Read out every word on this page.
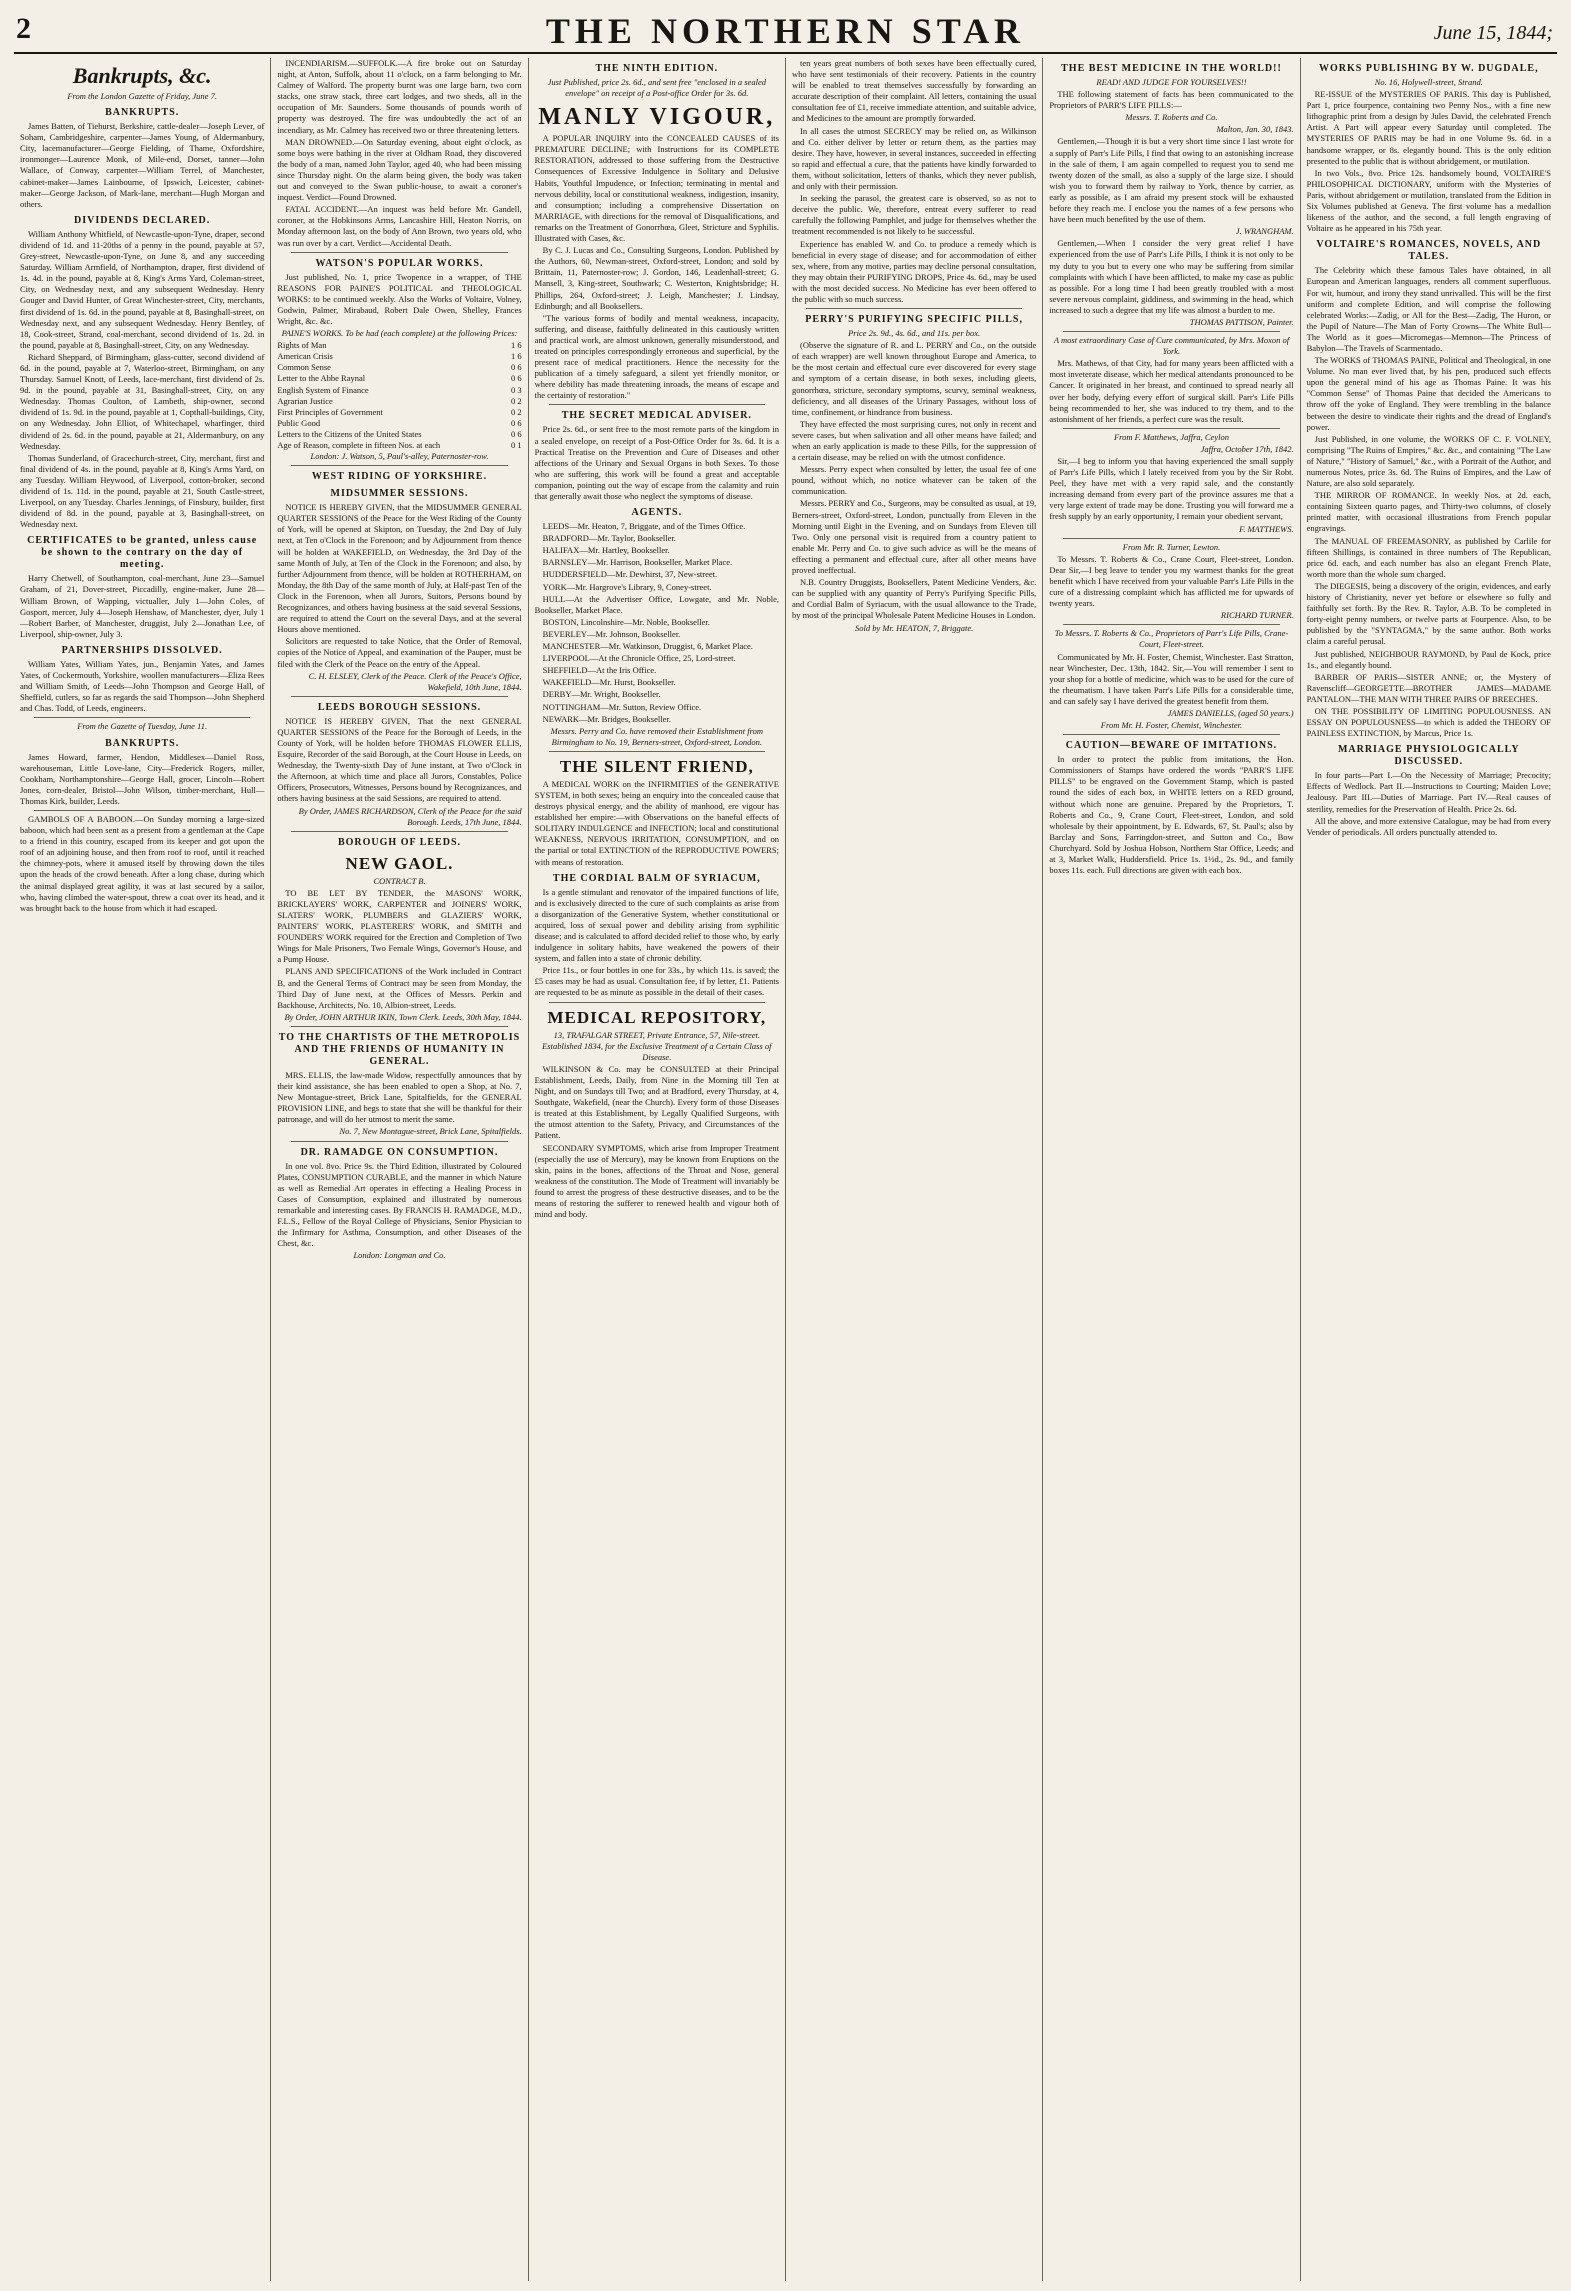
2	THE NORTHERN STAR	June 15, 1844;
Bankrupts, &c.

From the London Gazette of Friday, June 7.

BANKRUPTS.

James Batten, of Tiehurst, Berkshire, cattle-dealer—Joseph Lever, of Soham, Cambridgeshire, carpenter—James Young, of Aldermanbury, City, lacemanufacturer—George Fielding, of Thame, Oxfordshire, ironmonger—Laurence Monk, of Mile-end, Dorset, tanner—John Wallace, of Conway, carpenter—William Terrel, of Manchester, cabinet-maker—James Lainbourne, of Ipswich, Leicester, cabinet-maker—George Jackson, of Mark-lane, merchant—Hugh Morgan and others.

DIVIDENDS DECLARED.

William Anthony Whitfield, of Newcastle-upon-Tyne, draper, second dividend of 1d. and 11-20ths of a penny in the pound, payable at 57, Grey-street, Newcastle-upon-Tyne, on June 8, and any succeeding Saturday. William Armfield, of Northampton, draper, first dividend of 1s. 4d. in the pound, payable at 8, King's Arms Yard, Coleman-street, City, on Wednesday next, and any subsequent Wednesday. Henry Gouger and David Hunter, of Great Winchester-street, City, merchants, first dividend of 1s. 6d. in the pound, payable at 8, Basinghall-street, on Wednesday next, and any subsequent Wednesday. Henry Bentley, of 18, Cook-street, Strand, coal-merchant, second dividend of 1s. 2d. in the pound, payable at 8, Basinghall-street, City, on any Wednesday.

Richard Sheppard, of Birmingham, glass-cutter, second dividend of 6d. in the pound, payable at 7, Waterloo-street, Birmingham, on any Thursday. Samuel Knott, of Leeds, lace-merchant, first dividend of 2s. 9d. in the pound, payable at 31, Basinghall-street, City, on any Wednesday. Thomas Coulton, of Lambeth, ship-owner, second dividend of 1s. 9d. in the pound, payable at 1, Copthall-buildings, City, on any Wednesday. John Elliot, of Whitechapel, wharfinger, third dividend of 2s. 6d. in the pound, payable at 21, Aldermanbury, on any Wednesday.

Thomas Sunderland, of Gracechurch-street, City, merchant, first and final dividend of 4s. in the pound, payable at 8, King's Arms Yard, on any Tuesday. William Heywood, of Liverpool, cotton-broker, second dividend of 1s. 11d. in the pound, payable at 21, South Castle-street, Liverpool, on any Tuesday. Charles Jennings, of Finsbury, builder, first dividend of 8d. in the pound, payable at 3, Basinghall-street, on Wednesday next.

CERTIFICATES to be granted, unless cause be shown to the contrary on the day of meeting.

Harry Chetwell, of Southampton, coal-merchant, June 23—Samuel Graham, of 21, Dover-street, Piccadilly, engine-maker, June 28—William Brown, of Wapping, victualler, July 1—John Coles, of Gosport, mercer, July 4—Joseph Henshaw, of Manchester, dyer, July 1—Robert Barber, of Manchester, druggist, July 2—Jonathan Lee, of Liverpool, ship-owner, July 3.

PARTNERSHIPS DISSOLVED.

William Yates, William Yates, jun., Benjamin Yates, and James Yates, of Cockermouth, Yorkshire, woollen manufacturers—Eliza Rees and William Smith, of Leeds—John Thompson and George Hall, of Sheffield, cutlers, so far as regards the said Thompson—John Shepherd and Chas. Todd, of Leeds, engineers.

From the Gazette of Tuesday, June 11.

BANKRUPTS.

James Howard, farmer, Hendon, Middlesex—Daniel Ross, warehouseman, Little Love-lane, City—Frederick Rogers, miller, Cookham, Northamptonshire—George Hall, grocer, Lincoln—Robert Jones, corn-dealer, Bristol—John Wilson, timber-merchant, Hull—Thomas Kirk, builder, Leeds.

GAMBOLS OF A BABOON.—On Sunday morning a large-sized baboon, which had been sent as a present from a gentleman at the Cape to a friend in this country, escaped from its keeper and got upon the roof of an adjoining house, and then from roof to roof, until it reached the chimney-pots, where it amused itself by throwing down the tiles upon the heads of the crowd beneath. After a long chase, during which the animal displayed great agility, it was at last secured by a sailor, who, having climbed the water-spout, threw a coat over its head, and it was brought back to the house from which it had escaped.

INCENDIARISM.—SUFFOLK.—A fire broke out on Saturday night, at Anton, Suffolk, about 11 o'clock, on a farm belonging to Mr. Calmey of Walford. The property burnt was one large barn, two corn stacks, one straw stack, three cart lodges, and two sheds, all in the occupation of Mr. Saunders. Some thousands of pounds worth of property was destroyed. The fire was undoubtedly the act of an incendiary, as Mr. Calmey has received two or three threatening letters.

MAN DROWNED.—On Saturday evening, about eight o'clock, as some boys were bathing in the river at Oldham Road, they discovered the body of a man, named John Taylor, aged 40, who had been missing since Thursday night. On the alarm being given, the body was taken out and conveyed to the Swan public-house, to await a coroner's inquest. Verdict—Found Drowned.

FATAL ACCIDENT.—An inquest was held before Mr. Gandell, coroner, at the Hobkinsons Arms, Lancashire Hill, Heaton Norris, on Monday afternoon last, on the body of Ann Brown, two years old, who was run over by a cart. Verdict—Accidental Death.

WATSON'S POPULAR WORKS.

Just published, No. 1, price Twopence in a wrapper, of THE REASONS FOR PAINE'S POLITICAL and THEOLOGICAL WORKS: to be continued weekly. Also the Works of Voltaire, Volney, Godwin, Palmer, Mirabaud, Robert Dale Owen, Shelley, Frances Wright, &c. &c.

PAINE'S WORKS. To be had (each complete) at the following Prices:

Rights of Man	1 6
American Crisis	1 6
Common Sense	0 6
Letter to the Abbe Raynal	0 6
English System of Finance	0 3
Agrarian Justice	0 2
First Principles of Government	0 2
Public Good	0 6
Letters to the Citizens of the United States	0 6
Age of Reason, complete in fifteen Nos. at each	0 1

London: J. Watson, 5, Paul's-alley, Paternoster-row.

WEST RIDING OF YORKSHIRE.
MIDSUMMER SESSIONS.

NOTICE IS HEREBY GIVEN, that the MIDSUMMER GENERAL QUARTER SESSIONS of the Peace for the West Riding of the County of York, will be opened at Skipton, on Tuesday, the 2nd Day of July next, at Ten o'Clock in the Forenoon; and by Adjournment from thence will be holden at WAKEFIELD, on Wednesday, the 3rd Day of the same Month of July, at Ten of the Clock in the Forenoon; and also, by further Adjournment from thence, will be holden at ROTHERHAM, on Monday, the 8th Day of the same month of July, at Half-past Ten of the Clock in the Forenoon, when all Jurors, Suitors, Persons bound by Recognizances, and others having business at the said several Sessions, are required to attend the Court on the several Days, and at the several Hours above mentioned.

Solicitors are requested to take Notice, that the Order of Removal, copies of the Notice of Appeal, and examination of the Pauper, must be filed with the Clerk of the Peace on the entry of the Appeal.

C. H. ELSLEY, Clerk of the Peace. Clerk of the Peace's Office, Wakefield, 10th June, 1844.

LEEDS BOROUGH SESSIONS.

NOTICE IS HEREBY GIVEN, That the next GENERAL QUARTER SESSIONS of the Peace for the Borough of Leeds, in the County of York, will be holden before THOMAS FLOWER ELLIS, Esquire, Recorder of the said Borough, at the Court House in Leeds, on Wednesday, the Twenty-sixth Day of June instant, at Two o'Clock in the Afternoon, at which time and place all Jurors, Constables, Police Officers, Prosecutors, Witnesses, Persons bound by Recognizances, and others having business at the said Sessions, are required to attend.

By Order, JAMES RICHARDSON, Clerk of the Peace for the said Borough. Leeds, 17th June, 1844.

BOROUGH OF LEEDS.
NEW GAOL.

CONTRACT B.

TO BE LET BY TENDER, the MASONS' WORK, BRICKLAYERS' WORK, CARPENTER and JOINERS' WORK, SLATERS' WORK, PLUMBERS and GLAZIERS' WORK, PAINTERS' WORK, PLASTERERS' WORK, and SMITH and FOUNDERS' WORK required for the Erection and Completion of Two Wings for Male Prisoners, Two Female Wings, Governor's House, and a Pump House.

PLANS AND SPECIFICATIONS of the Work included in Contract B, and the General Terms of Contract may be seen from Monday, the Third Day of June next, at the Offices of Messrs. Perkin and Backhouse, Architects, No. 10, Albion-street, Leeds.

By Order, JOHN ARTHUR IKIN, Town Clerk. Leeds, 30th May, 1844.

TO THE CHARTISTS OF THE METROPOLIS AND THE FRIENDS OF HUMANITY IN GENERAL.

MRS. ELLIS, the law-made Widow, respectfully announces that by their kind assistance, she has been enabled to open a Shop, at No. 7, New Montague-street, Brick Lane, Spitalfields, for the GENERAL PROVISION LINE, and begs to state that she will be thankful for their patronage, and will do her utmost to merit the same.

No. 7, New Montague-street, Brick Lane, Spitalfields.

DR. RAMADGE ON CONSUMPTION.

In one vol. 8vo. Price 9s. the Third Edition, illustrated by Coloured Plates, CONSUMPTION CURABLE, and the manner in which Nature as well as Remedial Art operates in effecting a Healing Process in Cases of Consumption, explained and illustrated by numerous remarkable and interesting cases. By FRANCIS H. RAMADGE, M.D., F.L.S., Fellow of the Royal College of Physicians, Senior Physician to the Infirmary for Asthma, Consumption, and other Diseases of the Chest, &c.

London: Longman and Co.

THE NINTH EDITION.

Just Published, price 2s. 6d., and sent free "enclosed in a sealed envelope" on receipt of a Post-office Order for 3s. 6d.

MANLY VIGOUR,

A POPULAR INQUIRY into the CONCEALED CAUSES of its PREMATURE DECLINE; with Instructions for its COMPLETE RESTORATION, addressed to those suffering from the Destructive Consequences of Excessive Indulgence in Solitary and Delusive Habits, Youthful Impudence, or Infection; terminating in mental and nervous debility, local or constitutional weakness, indigestion, insanity, and consumption; including a comprehensive Dissertation on MARRIAGE, with directions for the removal of Disqualifications, and remarks on the Treatment of Gonorrhœa, Gleet, Stricture and Syphilis. Illustrated with Cases, &c.

By C. J. Lucas and Co., Consulting Surgeons, London. Published by the Authors, 60, Newman-street, Oxford-street, London; and sold by Brittain, 11, Paternoster-row; J. Gordon, 146, Leadenhall-street; G. Mansell, 3, King-street, Southwark; C. Westerton, Knightsbridge; H. Phillips, 264, Oxford-street; J. Leigh, Manchester; J. Lindsay, Edinburgh; and all Booksellers.

"The various forms of bodily and mental weakness, incapacity, suffering, and disease, faithfully delineated in this cautiously written and practical work, are almost unknown, generally misunderstood, and treated on principles correspondingly erroneous and superficial, by the present race of medical practitioners. Hence the necessity for the publication of a timely safeguard, a silent yet friendly monitor, or where debility has made threatening inroads, the means of escape and the certainty of restoration."

THE SECRET MEDICAL ADVISER.

Price 2s. 6d., or sent free to the most remote parts of the kingdom in a sealed envelope, on receipt of a Post-Office Order for 3s. 6d. It is a Practical Treatise on the Prevention and Cure of Diseases and other affections of the Urinary and Sexual Organs in both Sexes. To those who are suffering, this work will be found a great and acceptable companion, pointing out the way of escape from the calamity and ruin that generally await those who neglect the symptoms of disease.

AGENTS.

LEEDS—Mr. Heaton, 7, Briggate, and of the Times Office.

BRADFORD—Mr. Taylor, Bookseller.

HALIFAX—Mr. Hartley, Bookseller.

BARNSLEY—Mr. Harrison, Bookseller, Market Place.

HUDDERSFIELD—Mr. Dewhirst, 37, New-street.

YORK—Mr. Hargrove's Library, 9, Coney-street.

HULL—At the Advertiser Office, Lowgate, and Mr. Noble, Bookseller, Market Place.

BOSTON, Lincolnshire—Mr. Noble, Bookseller.

BEVERLEY—Mr. Johnson, Bookseller.

MANCHESTER—Mr. Watkinson, Druggist, 6, Market Place.

LIVERPOOL—At the Chronicle Office, 25, Lord-street.

SHEFFIELD—At the Iris Office.

WAKEFIELD—Mr. Hurst, Bookseller.

DERBY—Mr. Wright, Bookseller.

NOTTINGHAM—Mr. Sutton, Review Office.

NEWARK—Mr. Bridges, Bookseller.

Messrs. Perry and Co. have removed their Establishment from Birmingham to No. 19, Berners-street, Oxford-street, London.

THE SILENT FRIEND,

A MEDICAL WORK on the INFIRMITIES of the GENERATIVE SYSTEM, in both sexes; being an enquiry into the concealed cause that destroys physical energy, and the ability of manhood, ere vigour has established her empire:—with Observations on the baneful effects of SOLITARY INDULGENCE and INFECTION; local and constitutional WEAKNESS, NERVOUS IRRITATION, CONSUMPTION, and on the partial or total EXTINCTION of the REPRODUCTIVE POWERS; with means of restoration.

THE CORDIAL BALM OF SYRIACUM,

Is a gentle stimulant and renovator of the impaired functions of life, and is exclusively directed to the cure of such complaints as arise from a disorganization of the Generative System, whether constitutional or acquired, loss of sexual power and debility arising from syphilitic disease; and is calculated to afford decided relief to those who, by early indulgence in solitary habits, have weakened the powers of their system, and fallen into a state of chronic debility.

Price 11s., or four bottles in one for 33s., by which 11s. is saved; the £5 cases may be had as usual. Consultation fee, if by letter, £1. Patients are requested to be as minute as possible in the detail of their cases.

MEDICAL REPOSITORY,

13, TRAFALGAR STREET, Private Entrance, 57, Nile-street. Established 1834, for the Exclusive Treatment of a Certain Class of Disease.

WILKINSON & Co. may be CONSULTED at their Principal Establishment, Leeds, Daily, from Nine in the Morning till Ten at Night, and on Sundays till Two; and at Bradford, every Thursday, at 4, Southgate, Wakefield, (near the Church). Every form of those Diseases is treated at this Establishment, by Legally Qualified Surgeons, with the utmost attention to the Safety, Privacy, and Circumstances of the Patient.

SECONDARY SYMPTOMS, which arise from Improper Treatment (especially the use of Mercury), may be known from Eruptions on the skin, pains in the bones, affections of the Throat and Nose, general weakness of the constitution. The Mode of Treatment will invariably be found to arrest the progress of these destructive diseases, and to be the means of restoring the sufferer to renewed health and vigour both of mind and body.

ten years great numbers of both sexes have been effectually cured, who have sent testimonials of their recovery. Patients in the country will be enabled to treat themselves successfully by forwarding an accurate description of their complaint. All letters, containing the usual consultation fee of £1, receive immediate attention, and suitable advice, and Medicines to the amount are promptly forwarded.

In all cases the utmost SECRECY may be relied on, as Wilkinson and Co. either deliver by letter or return them, as the parties may desire. They have, however, in several instances, succeeded in effecting so rapid and effectual a cure, that the patients have kindly forwarded to them, without solicitation, letters of thanks, which they never publish, and only with their permission.

In seeking the parasol, the greatest care is observed, so as not to deceive the public. We, therefore, entreat every sufferer to read carefully the following Pamphlet, and judge for themselves whether the treatment recommended is not likely to be successful.

Experience has enabled W. and Co. to produce a remedy which is beneficial in every stage of disease; and for accommodation of either sex, where, from any motive, parties may decline personal consultation, they may obtain their PURIFYING DROPS, Price 4s. 6d., may be used with the most decided success. No Medicine has ever been offered to the public with so much success.

PERRY'S PURIFYING SPECIFIC PILLS,

Price 2s. 9d., 4s. 6d., and 11s. per box.

(Observe the signature of R. and L. PERRY and Co., on the outside of each wrapper) are well known throughout Europe and America, to be the most certain and effectual cure ever discovered for every stage and symptom of a certain disease, in both sexes, including gleets, gonorrhœa, stricture, secondary symptoms, scurvy, seminal weakness, deficiency, and all diseases of the Urinary Passages, without loss of time, confinement, or hindrance from business.

They have effected the most surprising cures, not only in recent and severe cases, but when salivation and all other means have failed; and when an early application is made to these Pills, for the suppression of a certain disease, may be relied on with the utmost confidence.

Messrs. Perry expect when consulted by letter, the usual fee of one pound, without which, no notice whatever can be taken of the communication.

Messrs. PERRY and Co., Surgeons, may be consulted as usual, at 19, Berners-street, Oxford-street, London, punctually from Eleven in the Morning until Eight in the Evening, and on Sundays from Eleven till Two. Only one personal visit is required from a country patient to enable Mr. Perry and Co. to give such advice as will be the means of effecting a permanent and effectual cure, after all other means have proved ineffectual.

N.B. Country Druggists, Booksellers, Patent Medicine Venders, &c. can be supplied with any quantity of Perry's Purifying Specific Pills, and Cordial Balm of Syriacum, with the usual allowance to the Trade, by most of the principal Wholesale Patent Medicine Houses in London.

Sold by Mr. HEATON, 7, Briggate.

THE BEST MEDICINE IN THE WORLD!!

READ! AND JUDGE FOR YOURSELVES!!

THE following statement of facts has been communicated to the Proprietors of PARR'S LIFE PILLS:—

Messrs. T. Roberts and Co.

Malton, Jan. 30, 1843.

Gentlemen,—Though it is but a very short time since I last wrote for a supply of Parr's Life Pills, I find that owing to an astonishing increase in the sale of them, I am again compelled to request you to send me twenty dozen of the small, as also a supply of the large size. I should wish you to forward them by railway to York, thence by carrier, as early as possible, as I am afraid my present stock will be exhausted before they reach me. I enclose you the names of a few persons who have been much benefited by the use of them.

J. WRANGHAM.

Gentlemen,—When I consider the very great relief I have experienced from the use of Parr's Life Pills, I think it is not only to be my duty to you but to every one who may be suffering from similar complaints with which I have been afflicted, to make my case as public as possible. For a long time I had been greatly troubled with a most severe nervous complaint, giddiness, and swimming in the head, which increased to such a degree that my life was almost a burden to me.

THOMAS PATTISON, Painter.

A most extraordinary Case of Cure communicated, by Mrs. Moxon of York.

Mrs. Mathews, of that City, had for many years been afflicted with a most inveterate disease, which her medical attendants pronounced to be Cancer. It originated in her breast, and continued to spread nearly all over her body, defying every effort of surgical skill. Parr's Life Pills being recommended to her, she was induced to try them, and to the astonishment of her friends, a perfect cure was the result.

From F. Matthews, Jaffra, Ceylon

Jaffra, October 17th, 1842.

Sir,—I beg to inform you that having experienced the small supply of Parr's Life Pills, which I lately received from you by the Sir Robt. Peel, they have met with a very rapid sale, and the constantly increasing demand from every part of the province assures me that a very large extent of trade may be done. Trusting you will forward me a fresh supply by an early opportunity, I remain your obedient servant,

F. MATTHEWS.

From Mr. R. Turner, Lewton.

To Messrs. T. Roberts & Co., Crane Court, Fleet-street, London. Dear Sir,—I beg leave to tender you my warmest thanks for the great benefit which I have received from your valuable Parr's Life Pills in the cure of a distressing complaint which has afflicted me for upwards of twenty years.

RICHARD TURNER.

To Messrs. T. Roberts & Co., Proprietors of Parr's Life Pills, Crane-Court, Fleet-street.

Communicated by Mr. H. Foster, Chemist, Winchester. East Stratton, near Winchester, Dec. 13th, 1842. Sir,—You will remember I sent to your shop for a bottle of medicine, which was to be used for the cure of the rheumatism. I have taken Parr's Life Pills for a considerable time, and can safely say I have derived the greatest benefit from them.

JAMES DANIELLS, (aged 50 years.)

From Mr. H. Foster, Chemist, Winchester.

CAUTION—BEWARE OF IMITATIONS.

In order to protect the public from imitations, the Hon. Commissioners of Stamps have ordered the words "PARR'S LIFE PILLS" to be engraved on the Government Stamp, which is pasted round the sides of each box, in WHITE letters on a RED ground, without which none are genuine. Prepared by the Proprietors, T. Roberts and Co., 9, Crane Court, Fleet-street, London, and sold wholesale by their appointment, by E. Edwards, 67, St. Paul's; also by Barclay and Sons, Farringdon-street, and Sutton and Co., Bow Churchyard. Sold by Joshua Hobson, Northern Star Office, Leeds; and at 3, Market Walk, Huddersfield. Price 1s. 1½d., 2s. 9d., and family boxes 11s. each. Full directions are given with each box.

WORKS PUBLISHING BY W. DUGDALE,

No. 16, Holywell-street, Strand.

RE-ISSUE of the MYSTERIES OF PARIS. This day is Published, Part 1, price fourpence, containing two Penny Nos., with a fine new lithographic print from a design by Jules David, the celebrated French Artist. A Part will appear every Saturday until completed. The MYSTERIES OF PARIS may be had in one Volume 9s. 6d. in a handsome wrapper, or 8s. elegantly bound. This is the only edition presented to the public that is without abridgement, or mutilation.

In two Vols., 8vo. Price 12s. handsomely bound, VOLTAIRE'S PHILOSOPHICAL DICTIONARY, uniform with the Mysteries of Paris, without abridgement or mutilation, translated from the Edition in Six Volumes published at Geneva. The first volume has a medallion likeness of the author, and the second, a full length engraving of Voltaire as he appeared in his 75th year.

VOLTAIRE'S ROMANCES, NOVELS, AND TALES.

The Celebrity which these famous Tales have obtained, in all European and American languages, renders all comment superfluous. For wit, humour, and irony they stand unrivalled. This will be the first uniform and complete Edition, and will comprise the following celebrated Works:—Zadig, or All for the Best—Zadig, The Huron, or the Pupil of Nature—The Man of Forty Crowns—The White Bull—The World as it goes—Micromegas—Memnon—The Princess of Babylon—The Travels of Scarmentado.

The WORKS of THOMAS PAINE, Political and Theological, in one Volume. No man ever lived that, by his pen, produced such effects upon the general mind of his age as Thomas Paine. It was his "Common Sense" of Thomas Paine that decided the Americans to throw off the yoke of England. They were trembling in the balance between the desire to vindicate their rights and the dread of England's power.

Just Published, in one volume, the WORKS OF C. F. VOLNEY, comprising "The Ruins of Empires," &c. &c., and containing "The Law of Nature," "History of Samuel," &c., with a Portrait of the Author, and numerous Notes, price 3s. 6d. The Ruins of Empires, and the Law of Nature, are also sold separately.

THE MIRROR OF ROMANCE. In weekly Nos. at 2d. each, containing Sixteen quarto pages, and Thirty-two columns, of closely printed matter, with occasional illustrations from French popular engravings.

The MANUAL OF FREEMASONRY, as published by Carlile for fifteen Shillings, is contained in three numbers of The Republican, price 6d. each, and each number has also an elegant French Plate, worth more than the whole sum charged.

The DIEGESIS, being a discovery of the origin, evidences, and early history of Christianity, never yet before or elsewhere so fully and faithfully set forth. By the Rev. R. Taylor, A.B. To be completed in forty-eight penny numbers, or twelve parts at Fourpence. Also, to be published by the "SYNTAGMA," by the same author. Both works claim a careful perusal.

Just published, NEIGHBOUR RAYMOND, by Paul de Kock, price 1s., and elegantly bound.

BARBER OF PARIS—SISTER ANNE; or, the Mystery of Ravenscliff—GEORGETTE—BROTHER JAMES—MADAME PANTALON—THE MAN WITH THREE PAIRS OF BREECHES.

ON THE POSSIBILITY OF LIMITING POPULOUSNESS. AN ESSAY ON POPULOUSNESS—to which is added the THEORY OF PAINLESS EXTINCTION, by Marcus, Price 1s.

MARRIAGE PHYSIOLOGICALLY DISCUSSED.

In four parts—Part I.—On the Necessity of Marriage; Precocity; Effects of Wedlock. Part II.—Instructions to Courting; Maiden Love; Jealousy. Part III.—Duties of Marriage. Part IV.—Real causes of sterility, remedies for the Preservation of Health. Price 2s. 6d.

All the above, and more extensive Catalogue, may be had from every Vender of periodicals. All orders punctually attended to.
